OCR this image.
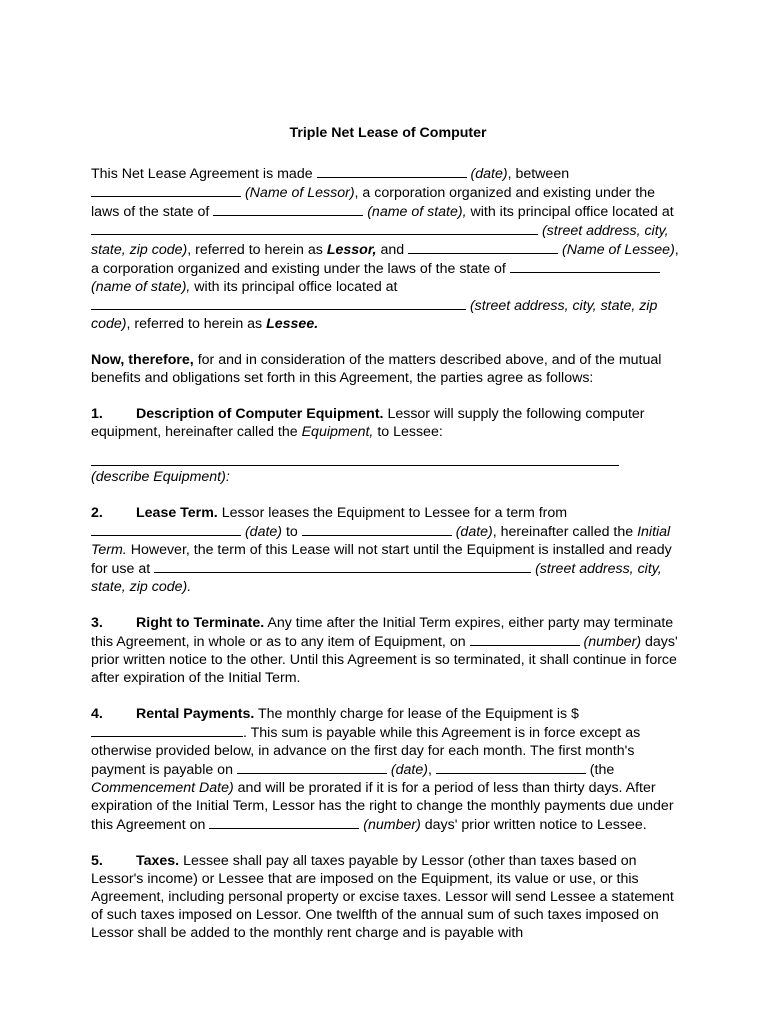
Triple Net Lease of Computer

This Net Lease Agreement is made	(date), between  (Name of Lessor), a corporation organized and existing under the laws of the state of	(name of state), with its principal office located at  (street address, city, state, zip code), referred to herein as Lessor, and	(Name of Lessee), a corporation organized and existing under the laws of the state of  (name of state), with its principal office located at  (street address, city, state, zip code), referred to herein as Lessee.

Now, therefore, for and in consideration of the matters described above, and of the mutual benefits and obligations set forth in this Agreement, the parties agree as follows:

1. Description of Computer Equipment. Lessor will supply the following computer equipment, hereinafter called the Equipment, to Lessee:
(describe Equipment):

2. Lease Term. Lessor leases the Equipment to Lessee for a term from  (date) to	(date), hereinafter called the Initial Term. However, the term of this Lease will not start until the Equipment is installed and ready for use at	(street address, city, state, zip code).

3. Right to Terminate. Any time after the Initial Term expires, either party may terminate this Agreement, in whole or as to any item of Equipment, on	(number) days' prior written notice to the other. Until this Agreement is so terminated, it shall continue in force after expiration of the Initial Term.

4. Rental Payments. The monthly charge for lease of the Equipment is $. This sum is payable while this Agreement is in force except as otherwise provided below, in advance on the first day for each month. The first month's payment is payable on	(date),	(the Commencement Date) and will be prorated if it is for a period of less than thirty days. After expiration of the Initial Term, Lessor has the right to change the monthly payments due under this Agreement on	(number) days' prior written notice to Lessee.

5. Taxes. Lessee shall pay all taxes payable by Lessor (other than taxes based on Lessor's income) or Lessee that are imposed on the Equipment, its value or use, or this Agreement, including personal property or excise taxes. Lessor will send Lessee a statement of such taxes imposed on Lessor. One twelfth of the annual sum of such taxes imposed on Lessor shall be added to the monthly rent charge and is payable with
